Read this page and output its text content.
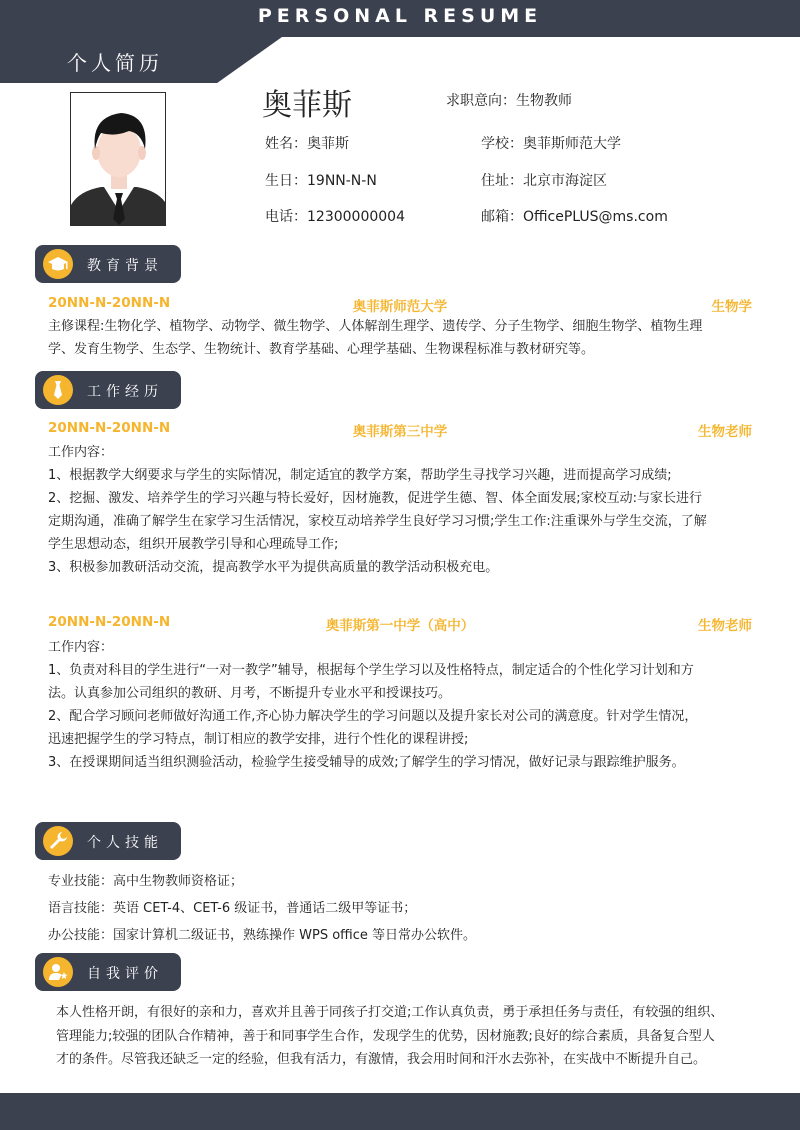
PERSONAL RESUME
个人简历
奥菲斯	求职意向：生物教师
姓名：奥菲斯	学校：奥菲斯师范大学
生日：19NN-N-N	住址：北京市海淀区
电话：12300000004	邮箱：OfficePLUS@ms.com
教育背景
20NN-N-20NN-N	奥菲斯师范大学	生物学

主修课程:生物化学、植物学、动物学、微生物学、人体解剖生理学、遗传学、分子生物学、细胞生物学、植物生理

学、发育生物学、生态学、生物统计、教育学基础、心理学基础、生物课程标准与教材研究等。

工作经历
20NN-N-20NN-N	奥菲斯第三中学	生物老师

工作内容：

1、根据教学大纲要求与学生的实际情况，制定适宜的教学方案，帮助学生寻找学习兴趣，进而提高学习成绩;

2、挖掘、激发、培养学生的学习兴趣与特长爱好，因材施教，促进学生德、智、体全面发展;家校互动:与家长进行

定期沟通，准确了解学生在家学习生活情况，家校互动培养学生良好学习习惯;学生工作:注重课外与学生交流，了解

学生思想动态，组织开展教学引导和心理疏导工作;

3、积极参加教研活动交流，提高教学水平为提供高质量的教学活动积极充电。

20NN-N-20NN-N	奥菲斯第一中学（高中）	生物老师

工作内容：

1、负责对科目的学生进行“一对一教学”辅导，根据每个学生学习以及性格特点，制定适合的个性化学习计划和方

法。认真参加公司组织的教研、月考，不断提升专业水平和授课技巧。

2、配合学习顾问老师做好沟通工作,齐心协力解决学生的学习问题以及提升家长对公司的满意度。针对学生情况，

迅速把握学生的学习特点，制订相应的教学安排，进行个性化的课程讲授;

3、在授课期间适当组织测验活动，检验学生接受辅导的成效;了解学生的学习情况，做好记录与跟踪维护服务。

个人技能

专业技能：高中生物教师资格证；

语言技能：英语 CET-4、CET-6 级证书，普通话二级甲等证书；

办公技能：国家计算机二级证书，熟练操作 WPS office 等日常办公软件。

自我评价

本人性格开朗，有很好的亲和力，喜欢并且善于同孩子打交道;工作认真负责，勇于承担任务与责任，有较强的组织、

管理能力;较强的团队合作精神，善于和同事学生合作，发现学生的优势，因材施教;良好的综合素质，具备复合型人

才的条件。尽管我还缺乏一定的经验，但我有活力，有激情，我会用时间和汗水去弥补，在实战中不断提升自己。
